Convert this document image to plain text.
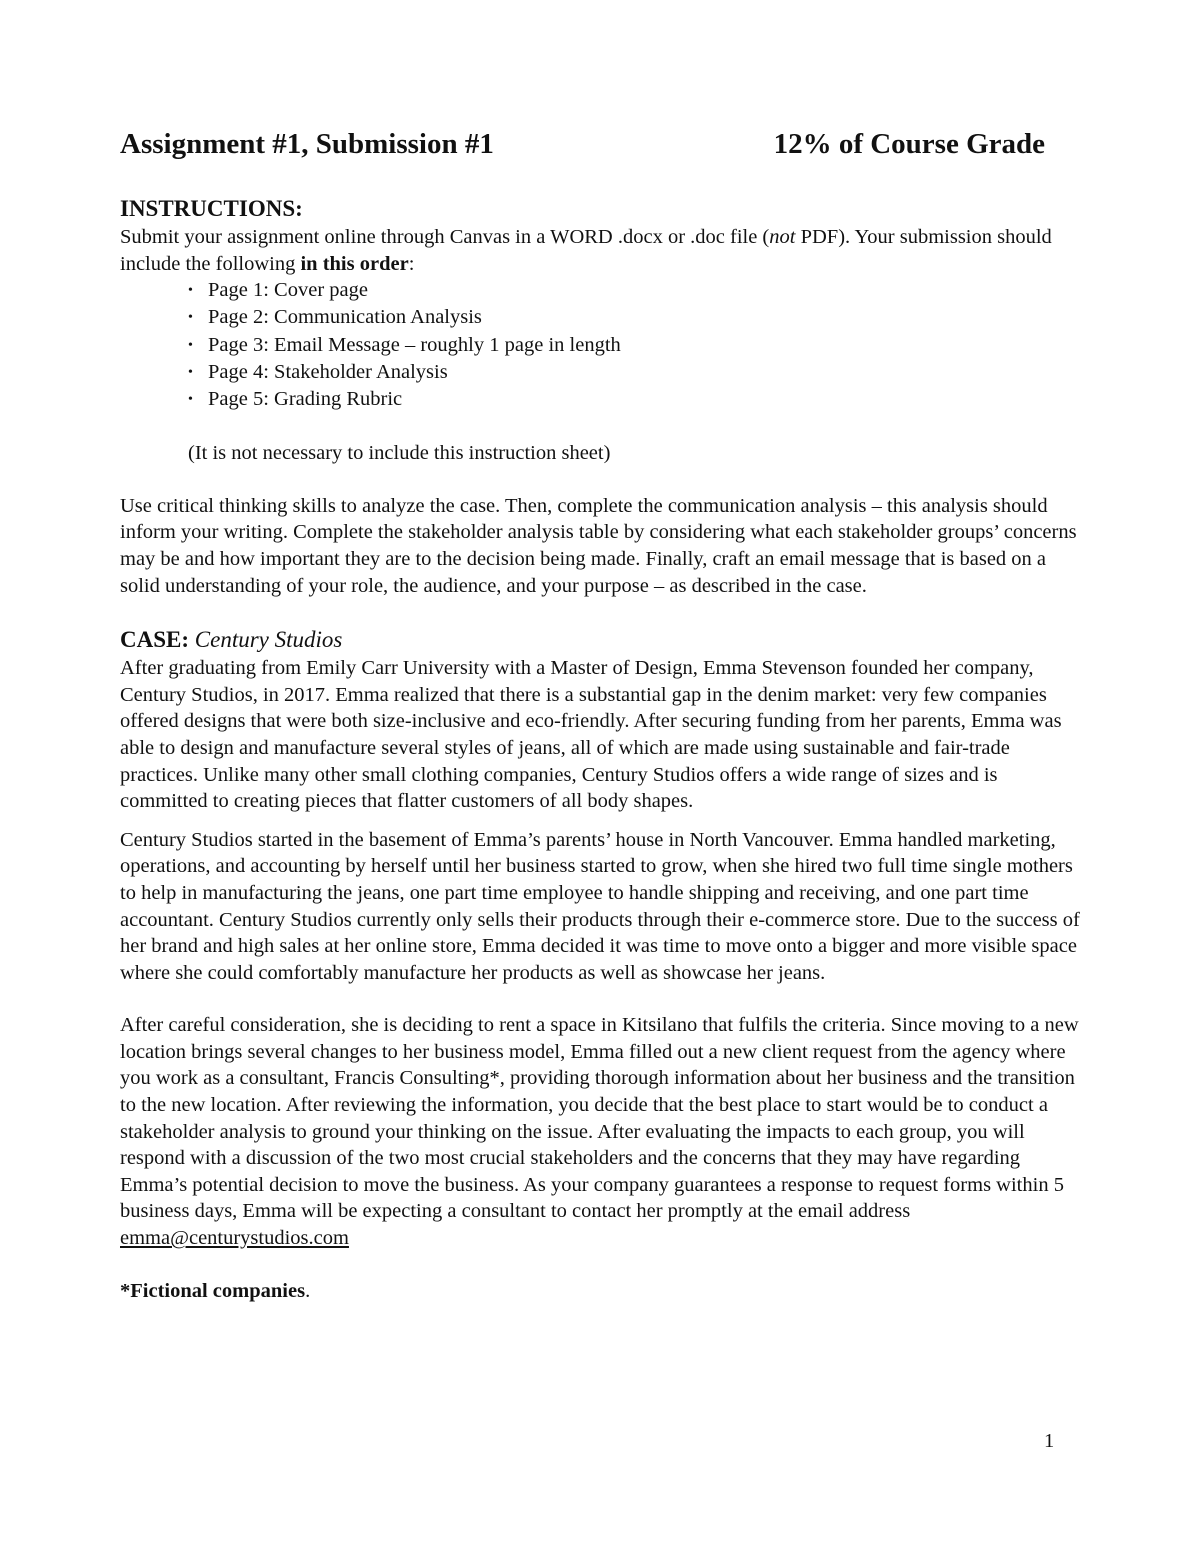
Assignment #1, Submission #1	12% of Course Grade
INSTRUCTIONS:

Submit your assignment online through Canvas in a WORD .docx or .doc file (not PDF). Your submission should include the following in this order:

• Page 1: Cover page
• Page 2: Communication Analysis
• Page 3: Email Message – roughly 1 page in length
• Page 4: Stakeholder Analysis
• Page 5: Grading Rubric
(It is not necessary to include this instruction sheet)

Use critical thinking skills to analyze the case. Then, complete the communication analysis – this analysis should inform your writing. Complete the stakeholder analysis table by considering what each stakeholder groups’ concerns may be and how important they are to the decision being made. Finally, craft an email message that is based on a solid understanding of your role, the audience, and your purpose – as described in the case.

CASE: Century Studios

After graduating from Emily Carr University with a Master of Design, Emma Stevenson founded her company, Century Studios, in 2017. Emma realized that there is a substantial gap in the denim market: very few companies offered designs that were both size-inclusive and eco-friendly. After securing funding from her parents, Emma was able to design and manufacture several styles of jeans, all of which are made using sustainable and fair-trade practices. Unlike many other small clothing companies, Century Studios offers a wide range of sizes and is committed to creating pieces that flatter customers of all body shapes.

Century Studios started in the basement of Emma’s parents’ house in North Vancouver. Emma handled marketing, operations, and accounting by herself until her business started to grow, when she hired two full time single mothers to help in manufacturing the jeans, one part time employee to handle shipping and receiving, and one part time accountant. Century Studios currently only sells their products through their e-commerce store. Due to the success of her brand and high sales at her online store, Emma decided it was time to move onto a bigger and more visible space where she could comfortably manufacture her products as well as showcase her jeans.

After careful consideration, she is deciding to rent a space in Kitsilano that fulfils the criteria. Since moving to a new location brings several changes to her business model, Emma filled out a new client request from the agency where you work as a consultant, Francis Consulting*, providing thorough information about her business and the transition to the new location. After reviewing the information, you decide that the best place to start would be to conduct a stakeholder analysis to ground your thinking on the issue. After evaluating the impacts to each group, you will respond with a discussion of the two most crucial stakeholders and the concerns that they may have regarding Emma’s potential decision to move the business. As your company guarantees a response to request forms within 5 business days, Emma will be expecting a consultant to contact her promptly at the email address emma@centurystudios.com

*Fictional companies.
1
